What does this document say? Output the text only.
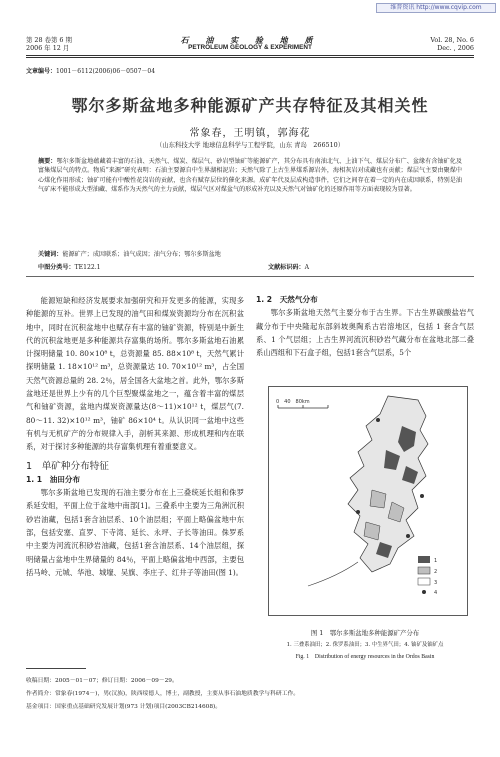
维普资讯 http://www.cqvip.com
第 28 卷第 6 期
2006 年 12 月
石 油 实 验 地 质
PETROLEUM GEOLOGY & EXPERIMENT
Vol. 28, No. 6
Dec. , 2006
文章编号：1001－6112(2006)06－0507－04
鄂尔多斯盆地多种能源矿产共存特征及其相关性
常象春，王明镇，郭海花
（山东科技大学 地球信息科学与工程学院，山东 青岛　266510）
摘要：鄂尔多斯盆地蕴藏着丰富的石油、天然气、煤炭、煤层气、砂岩型铀矿等能源矿产，其分布具有南油北气、上油下气、煤层分布广、盆缘有含铀矿化及富集煤层气的特点。物质“来源”研究表明：石油主要源自中生界湖相泥岩；天然气除了上古生界煤系源岩外，海相灰岩对成藏也有贡献；煤层气主要由聚煤中心煤化作用形成；铀矿可能有中酸性花岗岩的贡献，也含有赋存层位的催化来源。成矿年代及层成构造事件，它们之间存在着一定的内在成因联系，特别是油气矿床不能形成大型油藏、煤系作为天然气的主力贡献，煤层气区对煤盆气的形成补充以及天然气对铀矿化的还原作用等方面表现较为显著。
关键词：能源矿产；成因联系；油气成因；油气分布；鄂尔多斯盆地
中图分类号：TE122.1	文献标识码：A

能源短缺和经济发展要求加强研究和开发更多的能源，实现多种能源的互补。世界上已发现的油气田和煤炭资源均分布在沉积盆地中，同时在沉积盆地中也赋存有丰富的铀矿资源，特别是中新生代的沉积盆地更是多种能源共存富集的场所。鄂尔多斯盆地石油累计探明储量 10. 80×10⁸ t，总资源量 85. 88×10⁸ t，天然气累计探明储量 1. 18×10¹² m³，总资源量达 10. 70×10¹² m³，占全国天然气资源总量的 28. 2％，居全国各大盆地之首。此外，鄂尔多斯盆地还是世界上少有的几个巨型聚煤盆地之一，蕴含着丰富的煤层气和铀矿资源，盆地内煤炭资源量达(8～11)×10¹² t，煤层气(7. 80～11. 32)×10¹² m³，铀矿 86×10⁴ t。从认识同一盆地中这些有机与无机矿产的分布规律入手，剖析其来源、形成机理和内在联系，对于探讨多种能源的共存富集机理有着重要意义。

1　单矿种分布特征

1. 1　油田分布

鄂尔多斯盆地已发现的石油主要分布在上三叠统延长组和侏罗系延安组，平面上位于盆地中南部[1]。三叠系中主要为三角洲沉积砂岩油藏，包括1套含油层系、10个油层组；平面上略偏盆地中东部，包括安塞、直罗、下寺湾、延长、永坪、子长等油田。侏罗系中主要为河流沉积砂岩油藏，包括1套含油层系、14个油层组，探明储量占盆地中生界储量的 84％，平面上略偏盆地中西部，主要包括马岭、元城、华池、城壕、吴旗、李庄子、红井子等油田(图 1)。

1. 2　天然气分布

鄂尔多斯盆地天然气主要分布于古生界。下古生界碳酸盐岩气藏分布于中央隆起东部斜坡奥陶系古岩溶地区，包括 1 套含气层系、1 个气层组；上古生界河流沉积砂岩气藏分布在盆地北部二叠系山西组和下石盒子组，包括1套含气层系，5个

0　40　80km
1
2
3
4
图 1　鄂尔多斯盆地多种能源矿产分布
1. 三叠系油田；2. 侏罗系油田；3. 中生界气田；4. 铀矿及铀矿点
Fig. 1　Distribution of energy resources in the Ordos Basin
收稿日期：2005－01－07；修订日期：2006－09－29。
作者简介：常象春(1974－)，男(汉族)，陕西绥德人，博士，副教授，主要从事石油地质教学与科研工作。
基金项目：国家重点基础研究发展计划(973 计划)项目(2003CB214608)。
